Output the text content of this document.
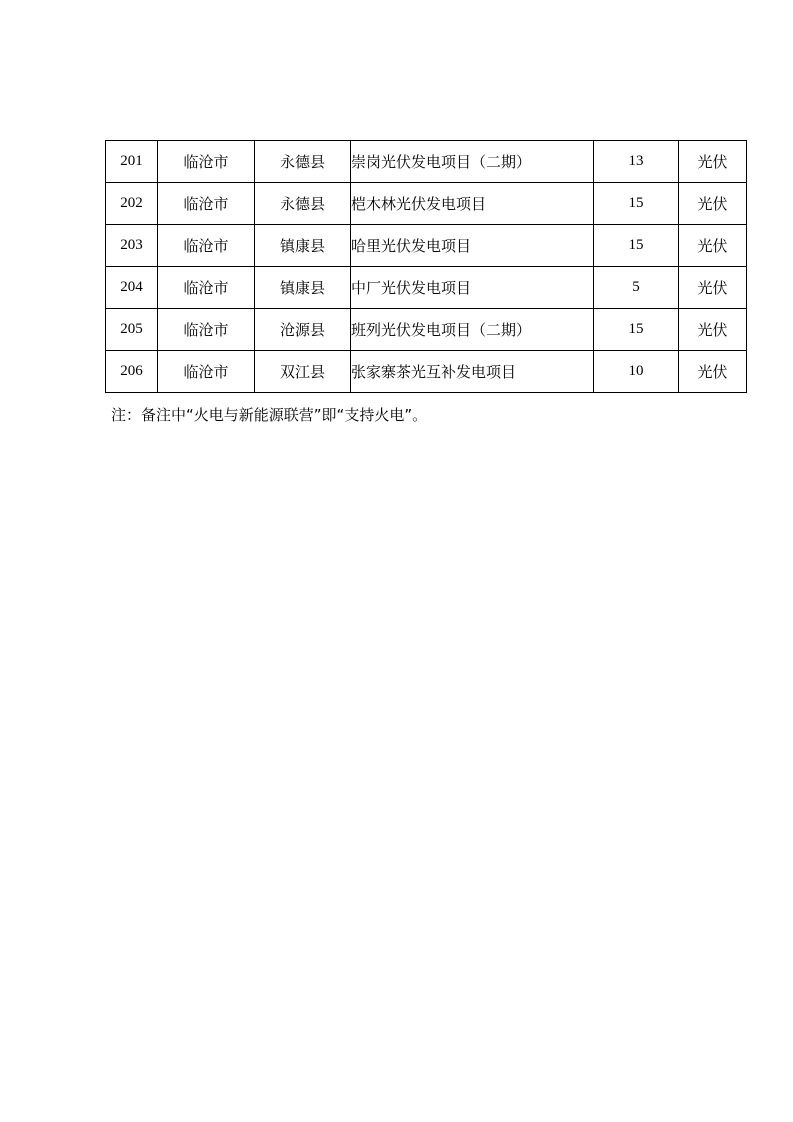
201	临沧市	永德县	崇岗光伏发电项目（二期）	13	光伏
202	临沧市	永德县	桤木林光伏发电项目	15	光伏
203	临沧市	镇康县	哈里光伏发电项目	15	光伏
204	临沧市	镇康县	中厂光伏发电项目	5	光伏
205	临沧市	沧源县	班列光伏发电项目（二期）	15	光伏
206	临沧市	双江县	张家寨茶光互补发电项目	10	光伏
注：备注中“火电与新能源联营”即“支持火电”。
